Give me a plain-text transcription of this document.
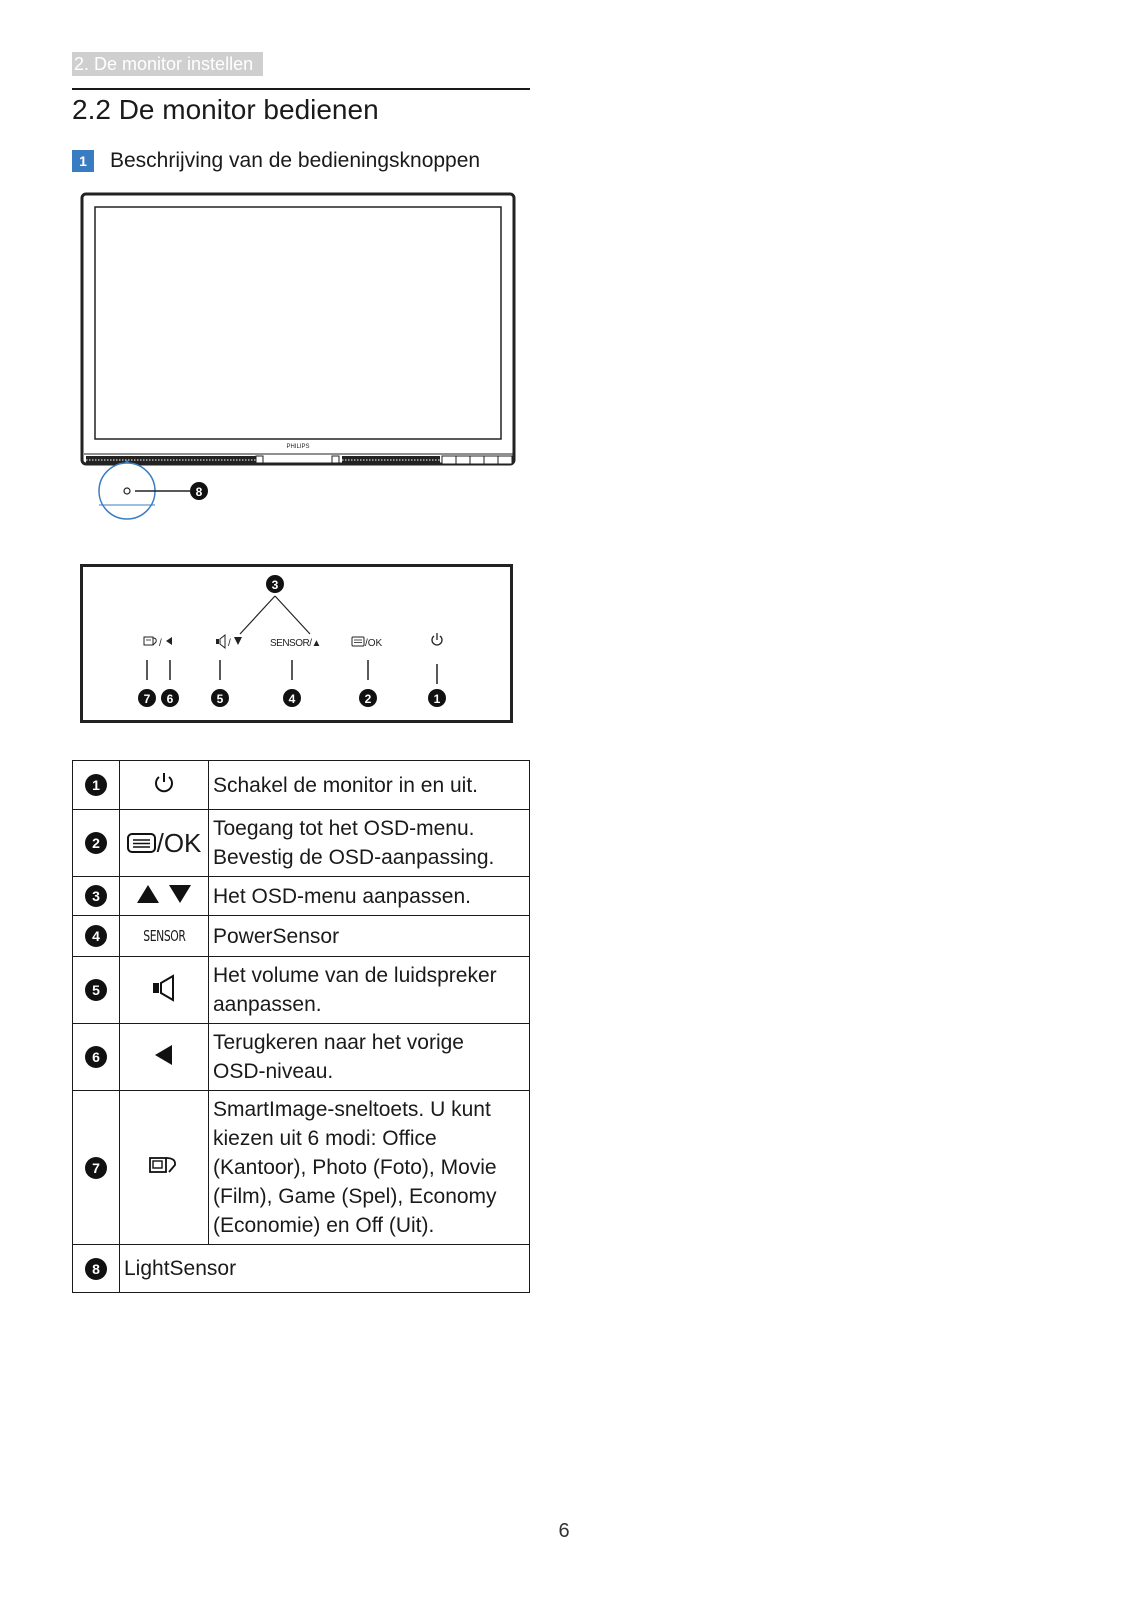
2. De monitor instellen
2.2 De monitor bedienen
1	Beschrijving van de bedieningsknoppen
PHILIPS
8
3
/	/	SENSOR/▲	/OK
7 6	5	4	2	1
1		Schakel de monitor in en uit.
2	/OK	Toegang tot het OSD-menu.
Bevestig de OSD-aanpassing.

3		Het OSD-menu aanpassen.
4	SENSOR	PowerSensor
5		Het volume van de luidspreker
aanpassen.

6		Terugkeren naar het vorige
OSD-niveau.

7		SmartImage-sneltoets. U kunt
kiezen uit 6 modi: Office
(Kantoor), Photo (Foto), Movie
(Film), Game (Spel), Economy
(Economie) en Off (Uit).

8	LightSensor	
6
